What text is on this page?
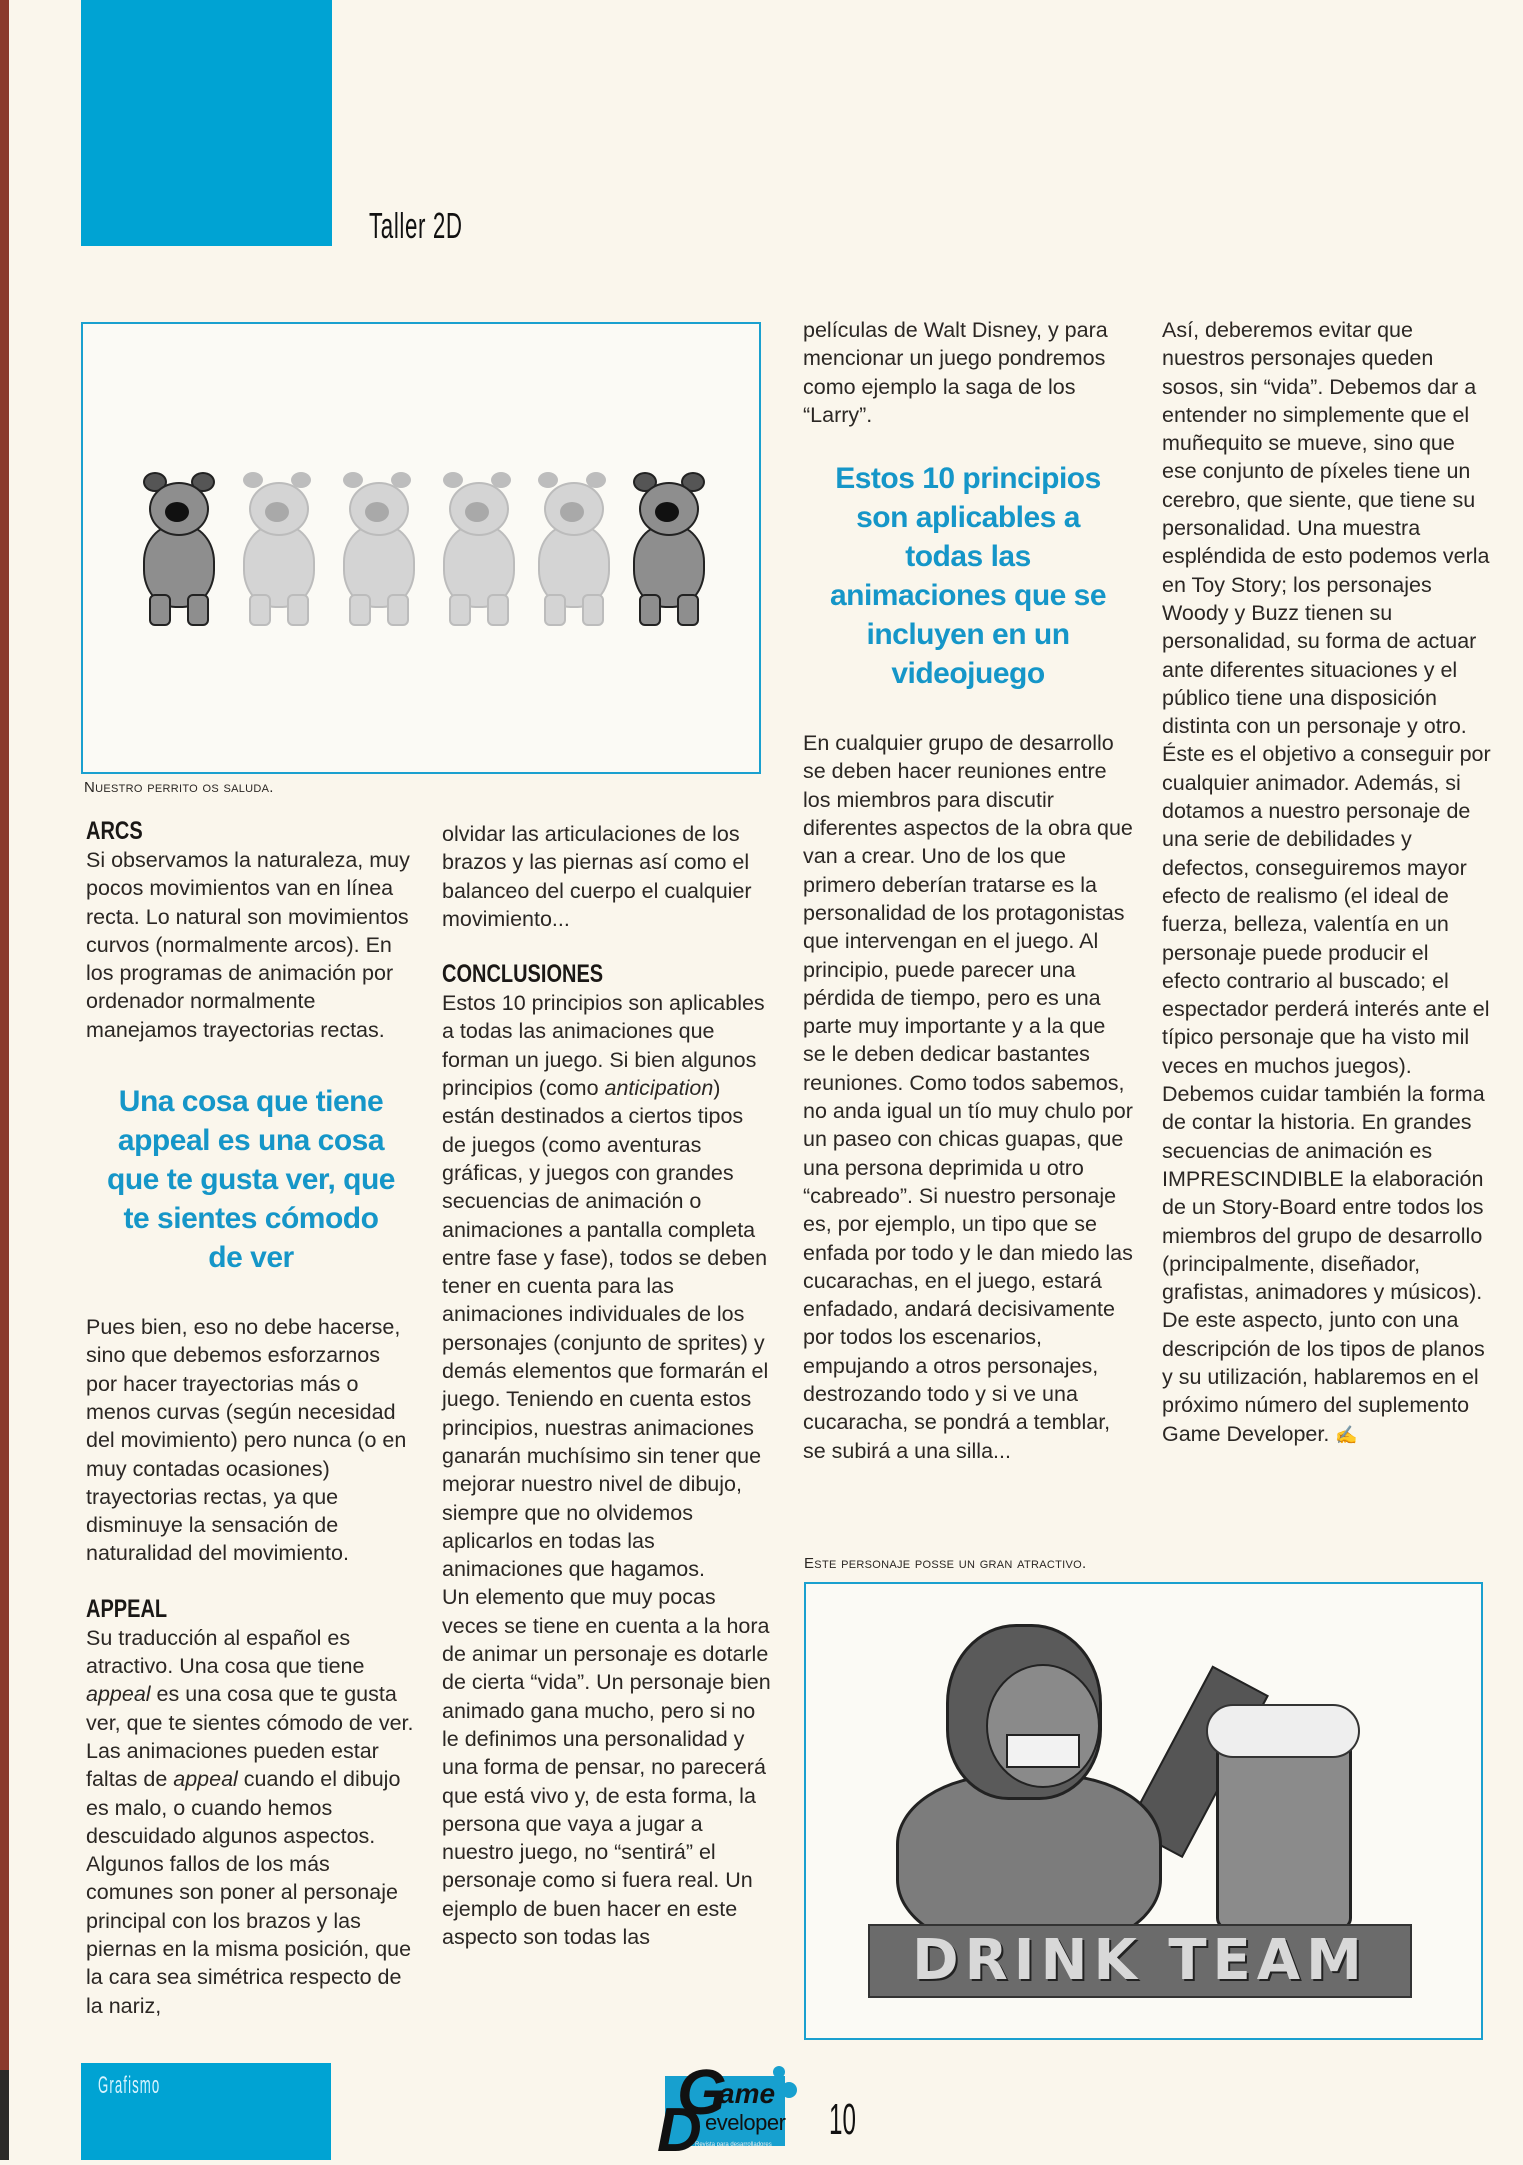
Taller 2D
Nuestro perrito os saluda.
ARCS

Si observamos la naturaleza, muy pocos movimientos van en línea recta. Lo natural son movimientos curvos (normalmente arcos). En los programas de animación por ordenador normalmente manejamos trayectorias rectas.

Una cosa que tiene appeal es una cosa que te gusta ver, que te sientes cómodo de ver

Pues bien, eso no debe hacerse, sino que debemos esforzarnos por hacer trayectorias más o menos curvas (según necesidad del movimiento) pero nunca (o en muy contadas ocasiones) trayectorias rectas, ya que disminuye la sensación de naturalidad del movimiento.

APPEAL

Su traducción al español es atractivo. Una cosa que tiene appeal es una cosa que te gusta ver, que te sientes cómodo de ver. Las animaciones pueden estar faltas de appeal cuando el dibujo es malo, o cuando hemos descuidado algunos aspectos. Algunos fallos de los más comunes son poner al personaje principal con los brazos y las piernas en la misma posición, que la cara sea simétrica respecto de la nariz,

olvidar las articulaciones de los brazos y las piernas así como el balanceo del cuerpo el cualquier movimiento...

CONCLUSIONES

Estos 10 principios son aplicables a todas las animaciones que forman un juego. Si bien algunos principios (como anticipation) están destinados a ciertos tipos de juegos (como aventuras gráficas, y juegos con grandes secuencias de animación o animaciones a pantalla completa entre fase y fase), todos se deben tener en cuenta para las animaciones individuales de los personajes (conjunto de sprites) y demás elementos que formarán el juego. Teniendo en cuenta estos principios, nuestras animaciones ganarán muchísimo sin tener que mejorar nuestro nivel de dibujo, siempre que no olvidemos aplicarlos en todas las animaciones que hagamos.

Un elemento que muy pocas veces se tiene en cuenta a la hora de animar un personaje es dotarle de cierta “vida”. Un personaje bien animado gana mucho, pero si no le definimos una personalidad y una forma de pensar, no parecerá que está vivo y, de esta forma, la persona que vaya a jugar a nuestro juego, no “sentirá” el personaje como si fuera real. Un ejemplo de buen hacer en este aspecto son todas las

películas de Walt Disney, y para mencionar un juego pondremos como ejemplo la saga de los “Larry”.

Estos 10 principios son aplicables a todas las animaciones que se incluyen en un videojuego

En cualquier grupo de desarrollo se deben hacer reuniones entre los miembros para discutir diferentes aspectos de la obra que van a crear. Uno de los que primero deberían tratarse es la personalidad de los protagonistas que intervengan en el juego. Al principio, puede parecer una pérdida de tiempo, pero es una parte muy importante y a la que se le deben dedicar bastantes reuniones. Como todos sabemos, no anda igual un tío muy chulo por un paseo con chicas guapas, que una persona deprimida u otro “cabreado”. Si nuestro personaje es, por ejemplo, un tipo que se enfada por todo y le dan miedo las cucarachas, en el juego, estará enfadado, andará decisivamente por todos los escenarios, empujando a otros personajes, destrozando todo y si ve una cucaracha, se pondrá a temblar, se subirá a una silla...

Así, deberemos evitar que nuestros personajes queden sosos, sin “vida”. Debemos dar a entender no simplemente que el muñequito se mueve, sino que ese conjunto de píxeles tiene un cerebro, que siente, que tiene su personalidad. Una muestra espléndida de esto podemos verla en Toy Story; los personajes Woody y Buzz tienen su personalidad, su forma de actuar ante diferentes situaciones y el público tiene una disposición distinta con un personaje y otro. Éste es el objetivo a conseguir por cualquier animador. Además, si dotamos a nuestro personaje de una serie de debilidades y defectos, conseguiremos mayor efecto de realismo (el ideal de fuerza, belleza, valentía en un personaje puede producir el efecto contrario al buscado; el espectador perderá interés ante el típico personaje que ha visto mil veces en muchos juegos). Debemos cuidar también la forma de contar la historia. En grandes secuencias de animación es IMPRESCINDIBLE la elaboración de un Story-Board entre todos los miembros del grupo de desarrollo (principalmente, diseñador, grafistas, animadores y músicos). De este aspecto, junto con una descripción de los tipos de planos y su utilización, hablaremos en el próximo número del suplemento Game Developer. ✍

Este personaje posse un gran atractivo.
DRINK TEAM
Grafismo	G
ame
D eveloper
Revista para desarrolladores
10
